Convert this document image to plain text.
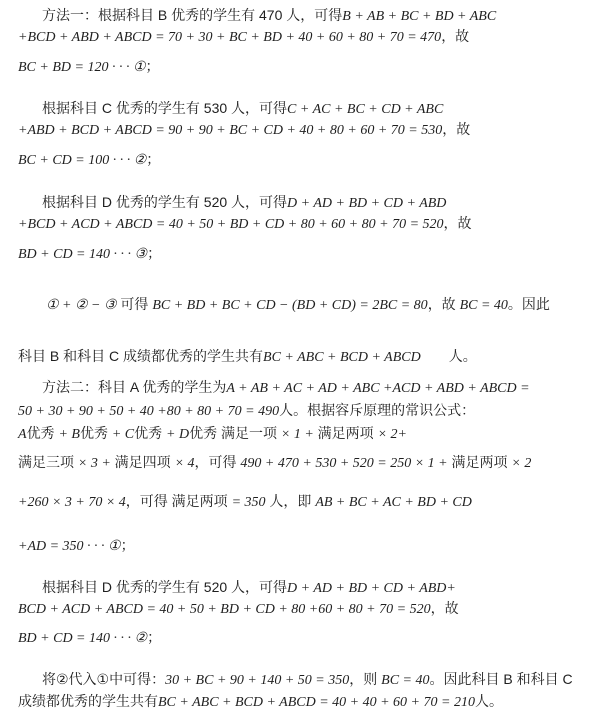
方法一：根据科目 B 优秀的学生有 470 人，可得B + AB + BC + BD + ABC
+BCD + ABD + ABCD = 70 + 30 + BC + BD + 40 + 60 + 80 + 70 = 470，故
BC + BD = 120 · · · ①；
根据科目 C 优秀的学生有 530 人，可得C + AC + BC + CD + ABC
+ABD + BCD + ABCD = 90 + 90 + BC + CD + 40 + 80 + 60 + 70 = 530，故
BC + CD = 100 · · · ②；
根据科目 D 优秀的学生有 520 人，可得D + AD + BD + CD + ABD
+BCD + ACD + ABCD = 40 + 50 + BD + CD + 80 + 60 + 80 + 70 = 520，故
BD + CD = 140 · · · ③；
① + ② − ③ 可得 BC + BD + BC + CD − (BD + CD) = 2BC = 80，故 BC = 40。因此
科目 B 和科目 C 成绩都优秀的学生共有BC + ABC + BCD + ABCD　　人。
方法二：科目 A 优秀的学生为A + AB + AC + AD + ABC +ACD + ABD + ABCD =
50 + 30 + 90 + 50 + 40 +80 + 80 + 70 = 490人。根据容斥原理的常识公式：
A优秀 + B优秀 + C优秀 + D优秀 满足一项 × 1 + 满足两项 × 2+
满足三项 × 3 + 满足四项 × 4，可得 490 + 470 + 530 + 520 = 250 × 1 + 满足两项 × 2
+260 × 3 + 70 × 4，可得 满足两项 = 350 人，即 AB + BC + AC + BD + CD
+AD = 350 · · · ①；
根据科目 D 优秀的学生有 520 人，可得D + AD + BD + CD + ABD+
BCD + ACD + ABCD = 40 + 50 + BD + CD + 80 +60 + 80 + 70 = 520，故
BD + CD = 140 · · · ②；
将②代入①中可得：30 + BC + 90 + 140 + 50 = 350，则 BC = 40。因此科目 B 和科目 C
成绩都优秀的学生共有BC + ABC + BCD + ABCD = 40 + 40 + 60 + 70 = 210人。
